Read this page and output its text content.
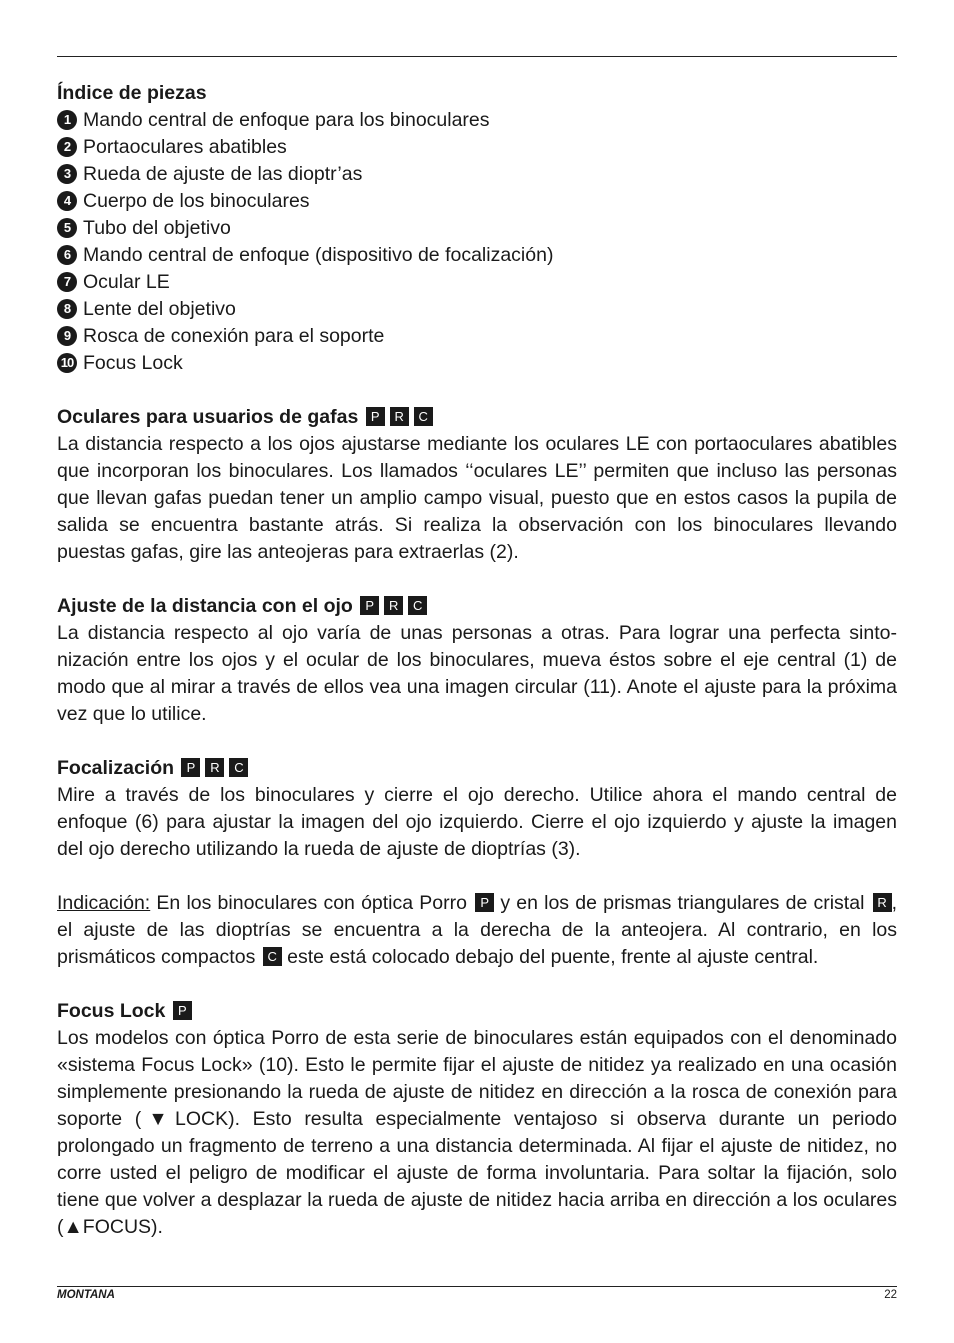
Índice de piezas
1 Mando central de enfoque para los binoculares
2 Portaoculares abatibles
3 Rueda de ajuste de las dioptr’as
4 Cuerpo de los binoculares
5 Tubo del objetivo
6 Mando central de enfoque (dispositivo de focalización)
7 Ocular LE
8 Lente del objetivo
9 Rosca de conexión para el soporte
10 Focus Lock
Oculares para usuarios de gafas P R C

La distancia respecto a los ojos ajustarse mediante los oculares LE con portaoculares abatibles que incorporan los binoculares. Los llamados ‘‘oculares LE’’ permiten que incluso las personas que llevan gafas puedan tener un amplio campo visual, puesto que en estos casos la pupila de salida se encuentra bastante atrás. Si realiza la observación con los binoculares llevando puestas gafas, gire las anteojeras para extraerlas (2).

Ajuste de la distancia con el ojo P R C

La distancia respecto al ojo varía de unas personas a otras. Para lograr una perfecta sintonización entre los ojos y el ocular de los binoculares, mueva éstos sobre el eje central (1) de modo que al mirar a través de ellos vea una imagen circular (11). Anote el ajuste para la próxima vez que lo utilice.

Focalización P R C

Mire a través de los binoculares y cierre el ojo derecho. Utilice ahora el mando central de enfoque (6) para ajustar la imagen del ojo izquierdo. Cierre el ojo izquierdo y ajuste la imagen del ojo derecho utilizando la rueda de ajuste de dioptrías (3).

Indicación: En los binoculares con óptica Porro P y en los de prismas triangulares de cristal R , el ajuste de las dioptrías se encuentra a la derecha de la anteojera. Al contrario, en los prismáticos compactos C este está colocado debajo del puente, frente al ajuste central.

Focus Lock P

Los modelos con óptica Porro de esta serie de binoculares están equipados con el denominado «sistema Focus Lock» (10). Esto le permite fijar el ajuste de nitidez ya realizado en una ocasión simplemente presionando la rueda de ajuste de nitidez en dirección a la rosca de conexión para soporte (▼LOCK). Esto resulta especialmente ventajoso si observa durante un periodo prolongado un fragmento de terreno a una distancia determinada. Al fijar el ajuste de nitidez, no corre usted el peligro de modificar el ajuste de forma involuntaria. Para soltar la fijación, solo tiene que volver a desplazar la rueda de ajuste de nitidez hacia arriba en dirección a los oculares (▲FOCUS).

MONTANA	22
